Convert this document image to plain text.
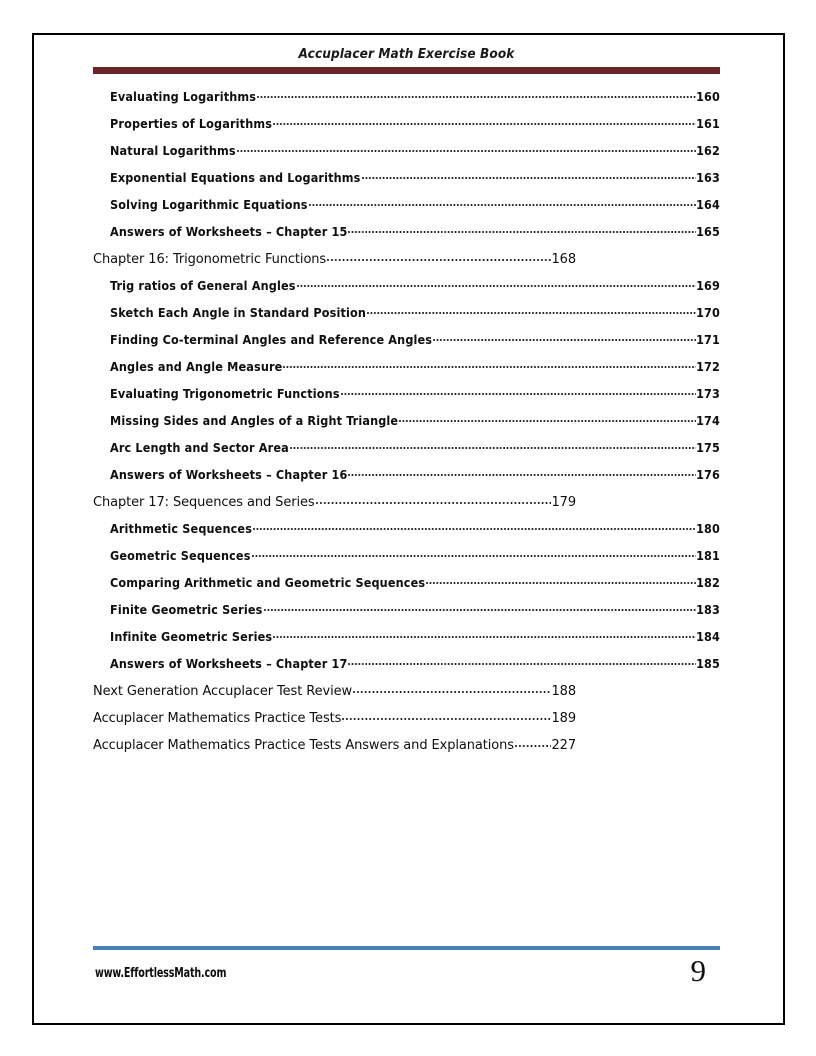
Accuplacer Math Exercise Book
Evaluating Logarithms	160
Properties of Logarithms	161
Natural Logarithms	162
Exponential Equations and Logarithms	163
Solving Logarithmic Equations	164
Answers of Worksheets – Chapter 15	165
Chapter 16: Trigonometric Functions	168
Trig ratios of General Angles	169
Sketch Each Angle in Standard Position	170
Finding Co-terminal Angles and Reference Angles	171
Angles and Angle Measure	172
Evaluating Trigonometric Functions	173
Missing Sides and Angles of a Right Triangle	174
Arc Length and Sector Area	175
Answers of Worksheets – Chapter 16	176
Chapter 17: Sequences and Series	179
Arithmetic Sequences	180
Geometric Sequences	181
Comparing Arithmetic and Geometric Sequences	182
Finite Geometric Series	183
Infinite Geometric Series	184
Answers of Worksheets – Chapter 17	185
Next Generation Accuplacer Test Review	188
Accuplacer Mathematics Practice Tests	189
Accuplacer Mathematics Practice Tests Answers and Explanations	227
www.EffortlessMath.com	9
